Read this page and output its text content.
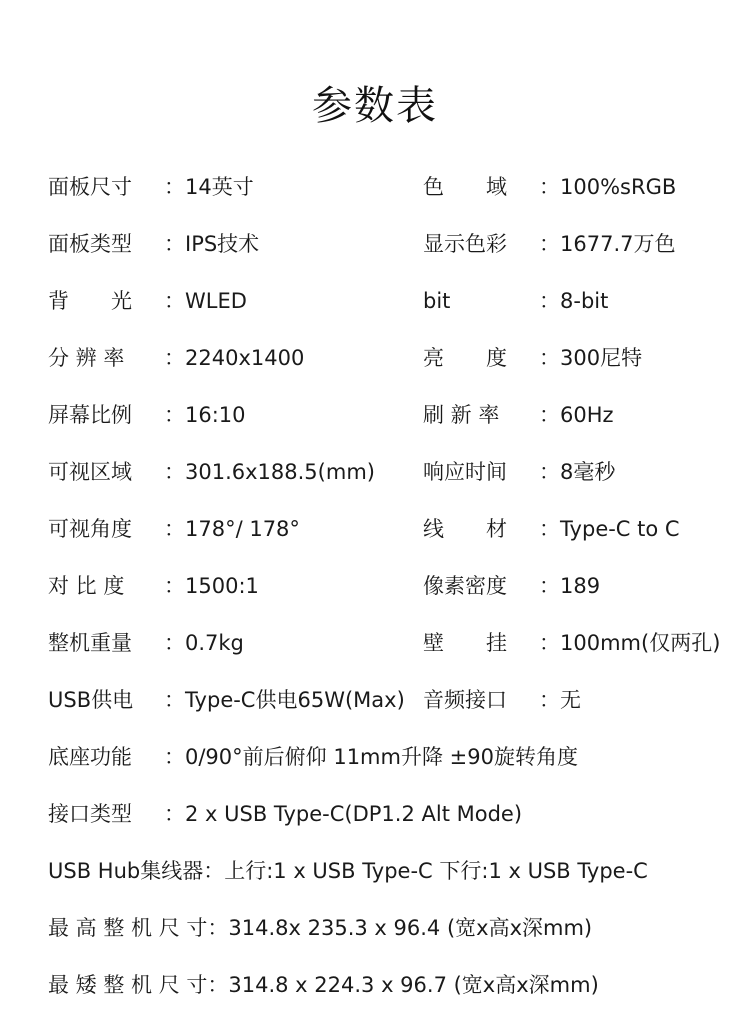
参数表
面板尺寸 ：14英寸	色　　域 ：100%sRGB
面板类型 ：IPS技术	显示色彩 ：1677.7万色
背　　光 ：WLED	bit	：8-bit
分 辨 率 ：2240x1400	亮　　度 ：300尼特
屏幕比例 ：16:10	刷 新 率 ：60Hz
可视区域 ：301.6x188.5(mm) 响应时间 ：8毫秒
可视角度 ：178°/ 178°	线　　材 ：Type-C to C
对 比 度 ：1500:1	像素密度 ：189
整机重量 ：0.7kg	壁　　挂 ：100mm(仅两孔)
USB供电 ：Type-C供电65W(Max) 音频接口 ：无
底座功能 ：0/90°前后俯仰 11mm升降 ±90旋转角度
接口类型 ：2 x USB Type-C(DP1.2 Alt Mode)
USB Hub集线器：上行:1 x USB Type-C 下行:1 x USB Type-C
最 高 整 机 尺 寸：314.8x 235.3 x 96.4 (宽x高x深mm)
最 矮 整 机 尺 寸：314.8 x 224.3 x 96.7 (宽x高x深mm)
